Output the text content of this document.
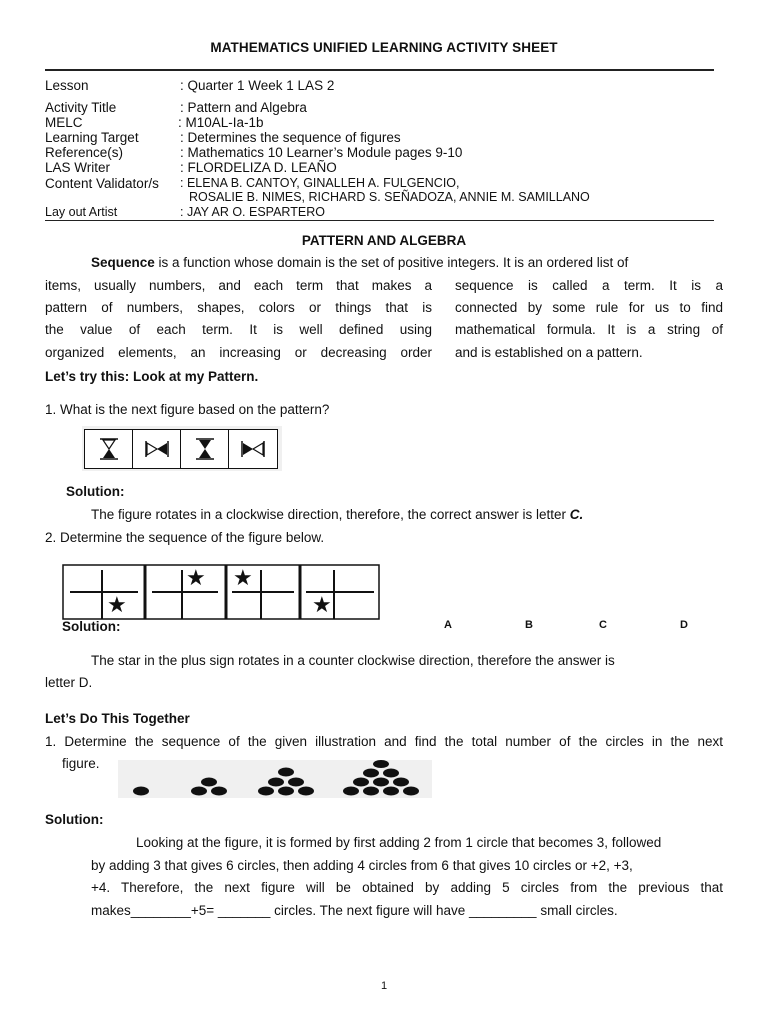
MATHEMATICS UNIFIED LEARNING ACTIVITY SHEET
Lesson	: Quarter 1 Week 1 LAS 2
Activity Title	: Pattern and Algebra
MELC	: M10AL-Ia-1b
Learning Target	: Determines the sequence of figures
Reference(s)	: Mathematics 10 Learner’s Module pages 9-10
LAS Writer	: FLORDELIZA D. LEAÑO
Content Validator/s : ELENA B. CANTOY, GINALLEH A. FULGENCIO,
ROSALIE B. NIMES, RICHARD S. SEÑADOZA, ANNIE M. SAMILLANO
Lay out Artist	: JAY AR O. ESPARTERO
PATTERN AND ALGEBRA
Sequence is a function whose domain is the set of positive integers. It is an ordered list of
items, usually numbers, and each term that makes a
pattern of numbers, shapes, colors or things that is
the value of each term. It is well defined using
organized elements, an increasing or decreasing order
sequence is called a term. It is a
connected by some rule for us to find
mathematical formula. It is a string of
and is established on a pattern.
Let’s try this: Look at my Pattern.
1. What is the next figure based on the pattern?
Solution:
The figure rotates in a clockwise direction, therefore, the correct answer is letter C.
2. Determine the sequence of the figure below.
★
★ ★
★
Solution:	A	B	C	D
The star in the plus sign rotates in a counter clockwise direction, therefore the answer is
letter D.
Let’s Do This Together
1. Determine the sequence of the given illustration and find the total number of the circles in the next
figure.
Solution:
Looking at the figure, it is formed by first adding 2 from 1 circle that becomes 3, followed
by adding 3 that gives 6 circles, then adding 4 circles from 6 that gives 10 circles or +2, +3,
+4. Therefore, the next figure will be obtained by adding 5 circles from the previous that
makes________+5= _______ circles. The next figure will have _________ small circles.
1
